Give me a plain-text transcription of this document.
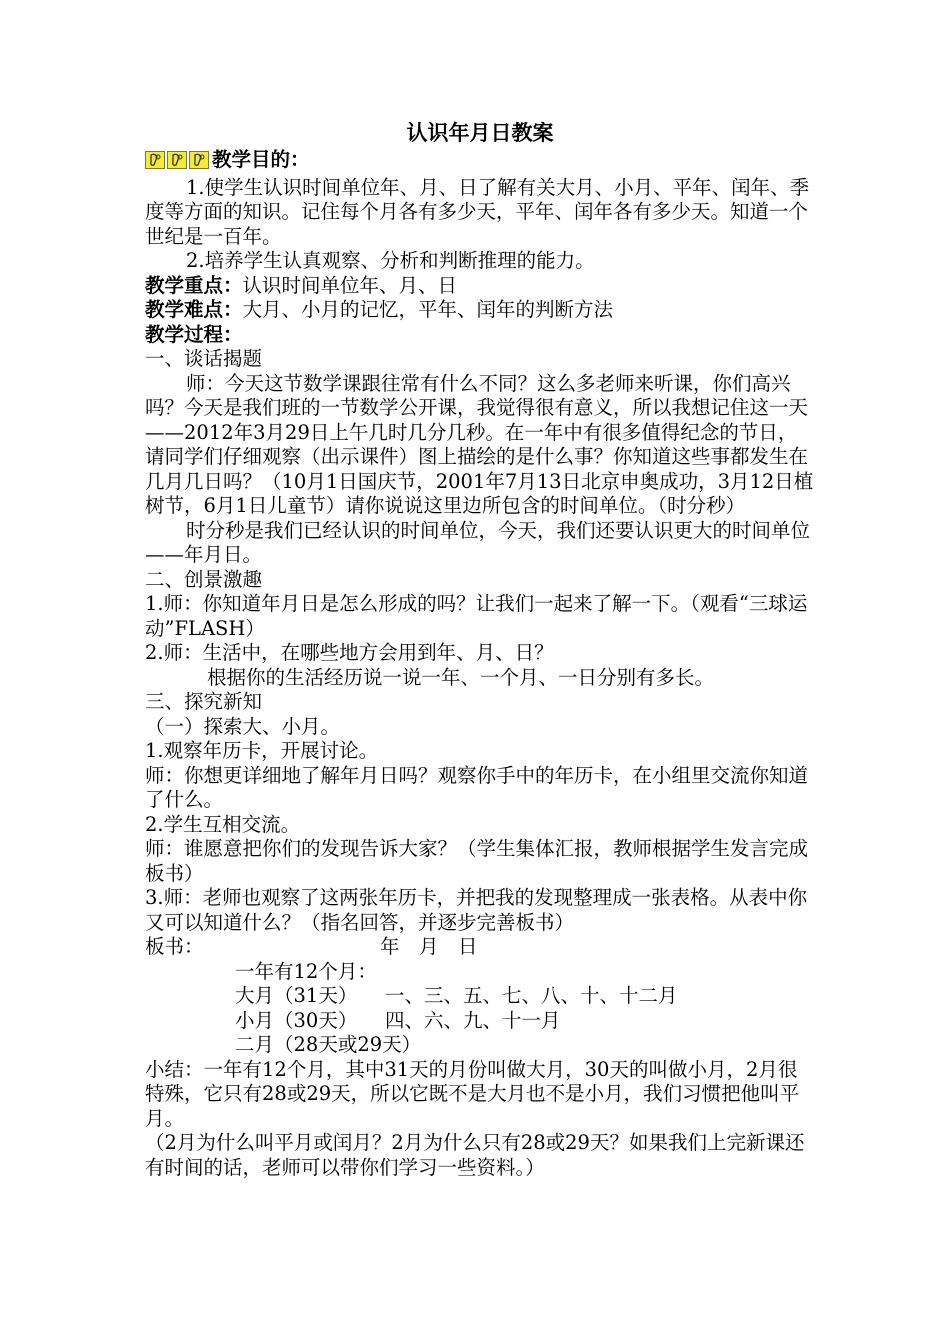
认识年月日教案

教学目的：

1.使学生认识时间单位年、月、日了解有关大月、小月、平年、闰年、季度等方面的知识。记住每个月各有多少天，平年、闰年各有多少天。知道一个世纪是一百年。

2.培养学生认真观察、分析和判断推理的能力。

教学重点：认识时间单位年、月、日

教学难点：大月、小月的记忆，平年、闰年的判断方法

教学过程：

一、谈话揭题

师：今天这节数学课跟往常有什么不同？这么多老师来听课，你们高兴吗？今天是我们班的一节数学公开课，我觉得很有意义，所以我想记住这一天——2012年3月29日上午几时几分几秒。在一年中有很多值得纪念的节日，请同学们仔细观察（出示课件）图上描绘的是什么事？你知道这些事都发生在几月几日吗？（10月1日国庆节，2001年7月13日北京申奥成功，3月12日植树节，6月1日儿童节）请你说说这里边所包含的时间单位。（时分秒）

时分秒是我们已经认识的时间单位，今天，我们还要认识更大的时间单位——年月日。

二、创景激趣

1.师：你知道年月日是怎么形成的吗？让我们一起来了解一下。（观看“三球运动”FLASH）

2.师：生活中，在哪些地方会用到年、月、日？

根据你的生活经历说一说一年、一个月、一日分别有多长。

三、探究新知

（一）探索大、小月。

1.观察年历卡，开展讨论。

师：你想更详细地了解年月日吗？观察你手中的年历卡，在小组里交流你知道了什么。

2.学生互相交流。

师：谁愿意把你们的发现告诉大家？（学生集体汇报，教师根据学生发言完成板书）

3.师：老师也观察了这两张年历卡，并把我的发现整理成一张表格。从表中你又可以知道什么？（指名回答，并逐步完善板书）

板书：	年　月　日
一年有12个月：
大月（31天）	一、三、五、七、八、十、十二月
小月（30天）	四、六、九、十一月
二月（28天或29天）

小结：一年有12个月，其中31天的月份叫做大月，30天的叫做小月，2月很特殊，它只有28或29天，所以它既不是大月也不是小月，我们习惯把他叫平月。

（2月为什么叫平月或闰月？2月为什么只有28或29天？如果我们上完新课还有时间的话，老师可以带你们学习一些资料。）
